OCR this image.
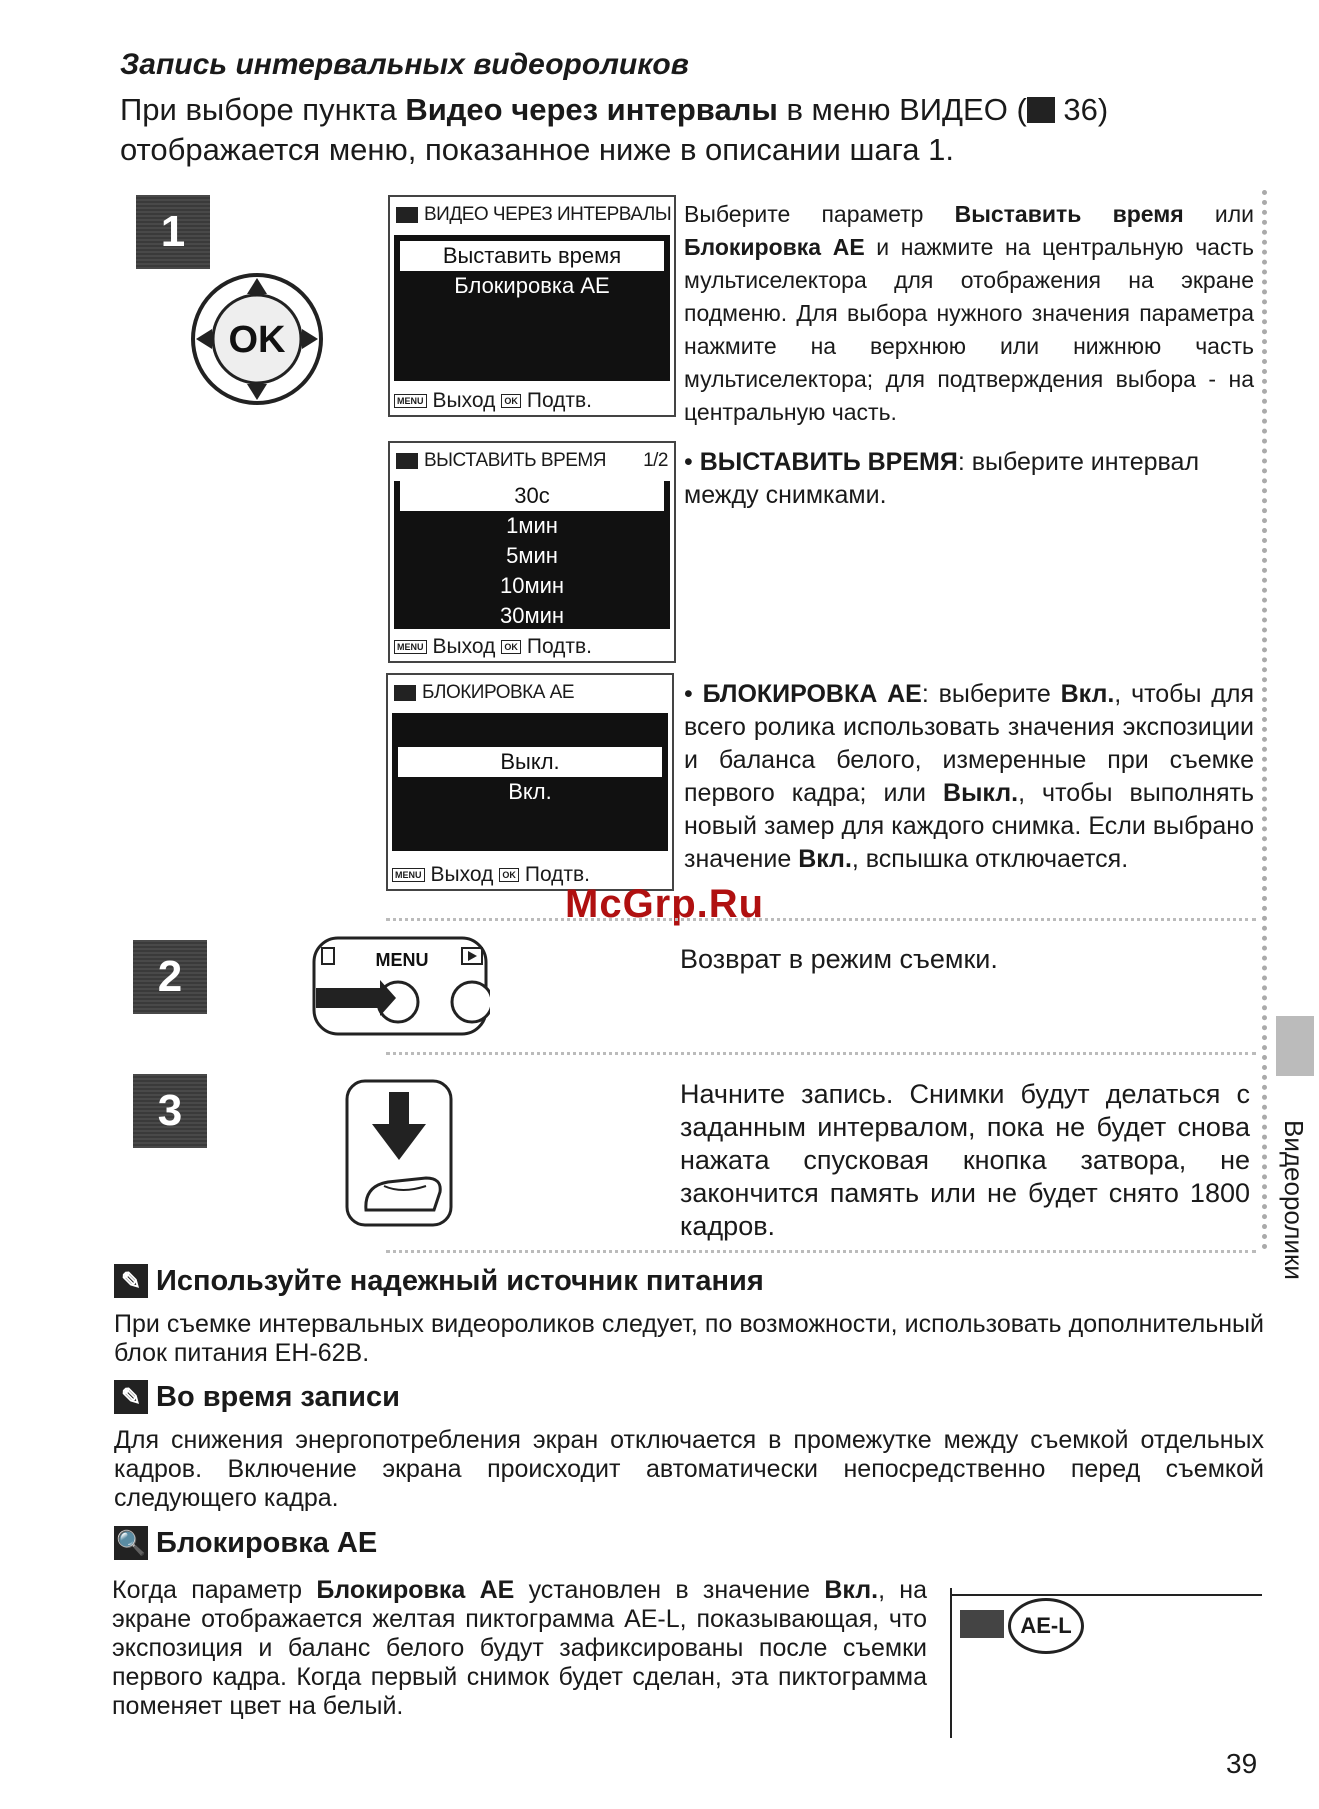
Запись интервальных видеороликов
При выборе пункта Видео через интервалы в меню ВИДЕО ( 36)
отображается меню, показанное ниже в описании шага 1.
1
OK
ВИДЕО ЧЕРЕЗ ИНТЕРВАЛЫ
Выставить время
Блокировка АЕ
MENU Выход	OK Подтв.
Выберите параметр Выставить время или Блокировка АЕ и нажмите на центральную часть мультиселектора для отображения на экране подменю. Для выбора нужного значения параметра нажмите на верхнюю или нижнюю часть мультиселектора; для подтверждения выбора - на центральную часть.
ВЫСТАВИТЬ ВРЕМЯ 1/2
30с
1мин
5мин
10мин
30мин
MENU Выход	OK Подтв.
• ВЫСТАВИТЬ ВРЕМЯ: выберите интервал между снимками.
БЛОКИРОВКА АЕ
Выкл.
Вкл.
MENU Выход	OK Подтв.
• БЛОКИРОВКА АЕ: выберите Вкл., чтобы для всего ролика использовать значения экспозиции и баланса белого, измеренные при съемке первого кадра; или Выкл., чтобы выполнять новый замер для каждого снимка. Если выбрано значение Вкл., вспышка отключается.
McGrp.Ru
2	MENU	Возврат в режим съемки.
3	Начните запись. Снимки будут делаться с заданным интервалом, пока не будет снова нажата спусковая кнопка затвора, не закончится память или не будет снято 1800 кадров.	Видеоролики
✎ Используйте надежный источник питания
При съемке интервальных видеороликов следует, по возможности, использовать дополнительный блок питания EH-62B.
✎ Во время записи
Для снижения энергопотребления экран отключается в промежутке между съемкой отдельных кадров. Включение экрана происходит автоматически непосредственно перед съемкой следующего кадра.
🔍 Блокировка АЕ
Когда параметр Блокировка АЕ установлен в значение Вкл., на экране отображается желтая пиктограмма AE-L, показывающая, что экспозиция и баланс белого будут зафиксированы после съемки первого кадра. Когда первый снимок будет сделан, эта пиктограмма поменяет цвет на белый.
AE-L
39
